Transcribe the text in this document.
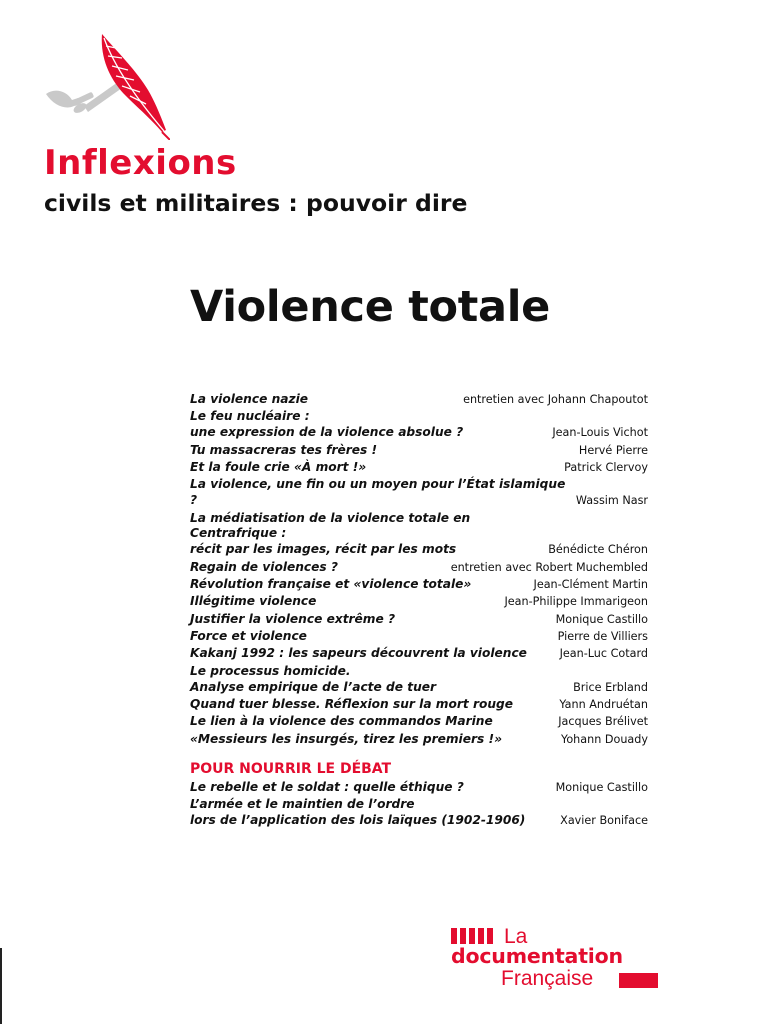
Inflexions
civils et militaires : pouvoir dire
Violence totale
La violence nazie	entretien avec Johann Chapoutot
Le feu nucléaire :
une expression de la violence absolue ?	Jean-Louis Vichot
Tu massacreras tes frères !	Hervé Pierre
Et la foule crie «À mort !»	Patrick Clervoy
La violence, une fin ou un moyen pour l’État islamique ?	Wassim Nasr
La médiatisation de la violence totale en Centrafrique :
récit par les images, récit par les mots	Bénédicte Chéron
Regain de violences ?	entretien avec Robert Muchembled
Révolution française et «violence totale»	Jean-Clément Martin
Illégitime violence	Jean-Philippe Immarigeon
Justifier la violence extrême ?	Monique Castillo
Force et violence	Pierre de Villiers
Kakanj 1992 : les sapeurs découvrent la violence	Jean-Luc Cotard
Le processus homicide.
Analyse empirique de l’acte de tuer	Brice Erbland
Quand tuer blesse. Réflexion sur la mort rouge	Yann Andruétan
Le lien à la violence des commandos Marine	Jacques Brélivet
«Messieurs les insurgés, tirez les premiers !»	Yohann Douady
POUR NOURRIR LE DÉBAT
Le rebelle et le soldat : quelle éthique ?	Monique Castillo
L’armée et le maintien de l’ordre
lors de l’application des lois laïques (1902-1906)	Xavier Boniface
La
documentation
Française
